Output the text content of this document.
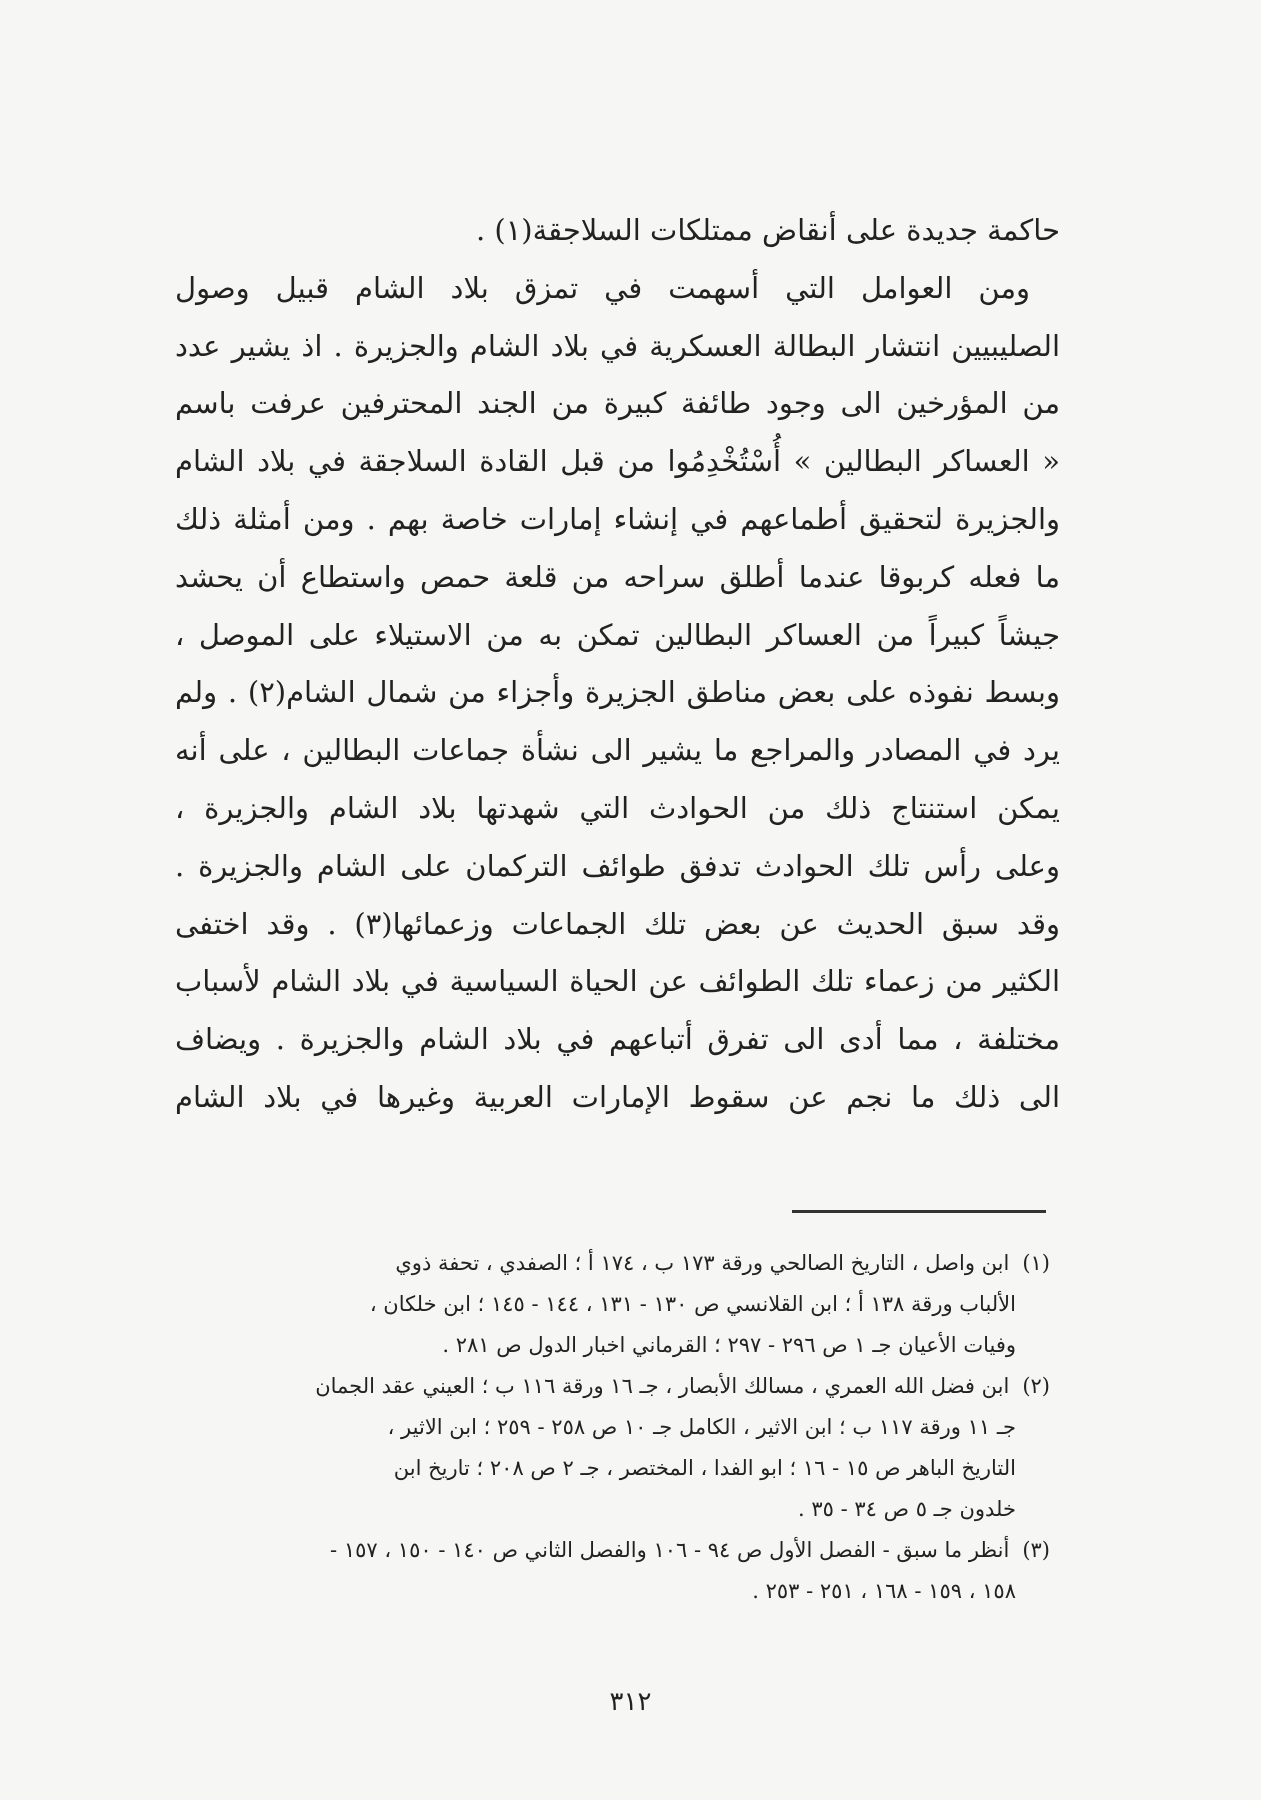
حاكمة جديدة على أنقاض ممتلكات السلاجقة(١) .
ومن العوامل التي أسهمت في تمزق بلاد الشام قبيل وصول
الصليبيين انتشار البطالة العسكرية في بلاد الشام والجزيرة . اذ يشير عدد
من المؤرخين الى وجود طائفة كبيرة من الجند المحترفين عرفت باسم
« العساكر البطالين » أُسْتُخْدِمُوا من قبل القادة السلاجقة في بلاد الشام
والجزيرة لتحقيق أطماعهم في إنشاء إمارات خاصة بهم . ومن أمثلة ذلك
ما فعله كربوقا عندما أطلق سراحه من قلعة حمص واستطاع أن يحشد
جيشاً كبيراً من العساكر البطالين تمكن به من الاستيلاء على الموصل ،
وبسط نفوذه على بعض مناطق الجزيرة وأجزاء من شمال الشام(٢) . ولم
يرد في المصادر والمراجع ما يشير الى نشأة جماعات البطالين ، على أنه
يمكن استنتاج ذلك من الحوادث التي شهدتها بلاد الشام والجزيرة ،
وعلى رأس تلك الحوادث تدفق طوائف التركمان على الشام والجزيرة .
وقد سبق الحديث عن بعض تلك الجماعات وزعمائها(٣) . وقد اختفى
الكثير من زعماء تلك الطوائف عن الحياة السياسية في بلاد الشام لأسباب
مختلفة ، مما أدى الى تفرق أتباعهم في بلاد الشام والجزيرة . ويضاف
الى ذلك ما نجم عن سقوط الإمارات العربية وغيرها في بلاد الشام
(١) ابن واصل ، التاريخ الصالحي ورقة ١٧٣ ب ، ١٧٤ أ ؛ الصفدي ، تحفة ذوي
الألباب ورقة ١٣٨ أ ؛ ابن القلانسي ص ١٣٠ - ١٣١ ، ١٤٤ - ١٤٥ ؛ ابن خلكان ،
وفيات الأعيان جـ ١ ص ٢٩٦ - ٢٩٧ ؛ القرماني اخبار الدول ص ٢٨١ .
(٢) ابن فضل الله العمري ، مسالك الأبصار ، جـ ١٦ ورقة ١١٦ ب ؛ العيني عقد الجمان
جـ ١١ ورقة ١١٧ ب ؛ ابن الاثير ، الكامل جـ ١٠ ص ٢٥٨ - ٢٥٩ ؛ ابن الاثير ،
التاريخ الباهر ص ١٥ - ١٦ ؛ ابو الفدا ، المختصر ، جـ ٢ ص ٢٠٨ ؛ تاريخ ابن
خلدون جـ ٥ ص ٣٤ - ٣٥ .
(٣) أنظر ما سبق - الفصل الأول ص ٩٤ - ١٠٦ والفصل الثاني ص ١٤٠ - ١٥٠ ، ١٥٧ -
١٥٨ ، ١٥٩ - ١٦٨ ، ٢٥١ - ٢٥٣ .
٣١٢
